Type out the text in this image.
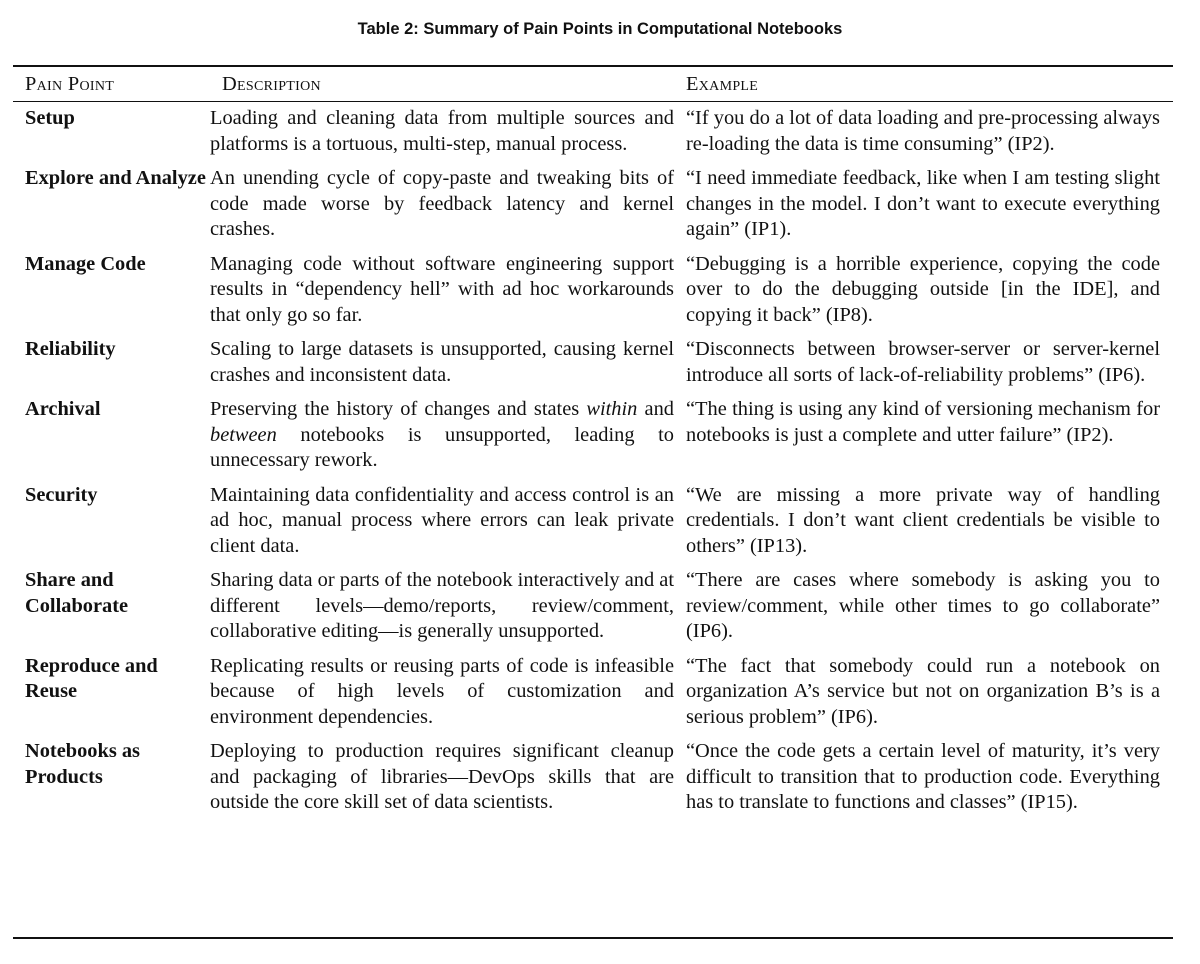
Table 2: Summary of Pain Points in Computational Notebooks
Pain Point	Description	Example

Setup	Loading and cleaning data from multiple sources and platforms is a tortuous, multi-step, manual process.	“If you do a lot of data loading and pre-processing always re-loading the data is time consuming” (IP2).

Explore and Analyze	An unending cycle of copy-paste and tweaking bits of code made worse by feedback latency and kernel crashes.	“I need immediate feedback, like when I am testing slight changes in the model. I don’t want to execute everything again” (IP1).

Manage Code	Managing code without software engineering support results in “dependency hell” with ad hoc workarounds that only go so far.	“Debugging is a horrible experience, copying the code over to do the debugging outside [in the IDE], and copying it back” (IP8).

Reliability	Scaling to large datasets is unsupported, causing kernel crashes and inconsistent data.	“Disconnects between browser-server or server-kernel introduce all sorts of lack-of-reliability problems” (IP6).

Archival	Preserving the history of changes and states within and between notebooks is unsupported, leading to unnecessary rework.	“The thing is using any kind of versioning mechanism for notebooks is just a complete and utter failure” (IP2).

Security	Maintaining data confidentiality and access control is an ad hoc, manual process where errors can leak private client data.	“We are missing a more private way of handling credentials. I don’t want client credentials be visible to others” (IP13).

Share and Collaborate	Sharing data or parts of the notebook interactively and at different levels—demo/reports, review/comment, collaborative editing—is generally unsupported.	“There are cases where somebody is asking you to review/comment, while other times to go collaborate” (IP6).

Reproduce and Reuse	Replicating results or reusing parts of code is infeasible because of high levels of customization and environment dependencies.	“The fact that somebody could run a notebook on organization A’s service but not on organization B’s is a serious problem” (IP6).

Notebooks as Products	Deploying to production requires significant cleanup and packaging of libraries—DevOps skills that are outside the core skill set of data scientists.	“Once the code gets a certain level of maturity, it’s very difficult to transition that to production code. Everything has to translate to functions and classes” (IP15).
